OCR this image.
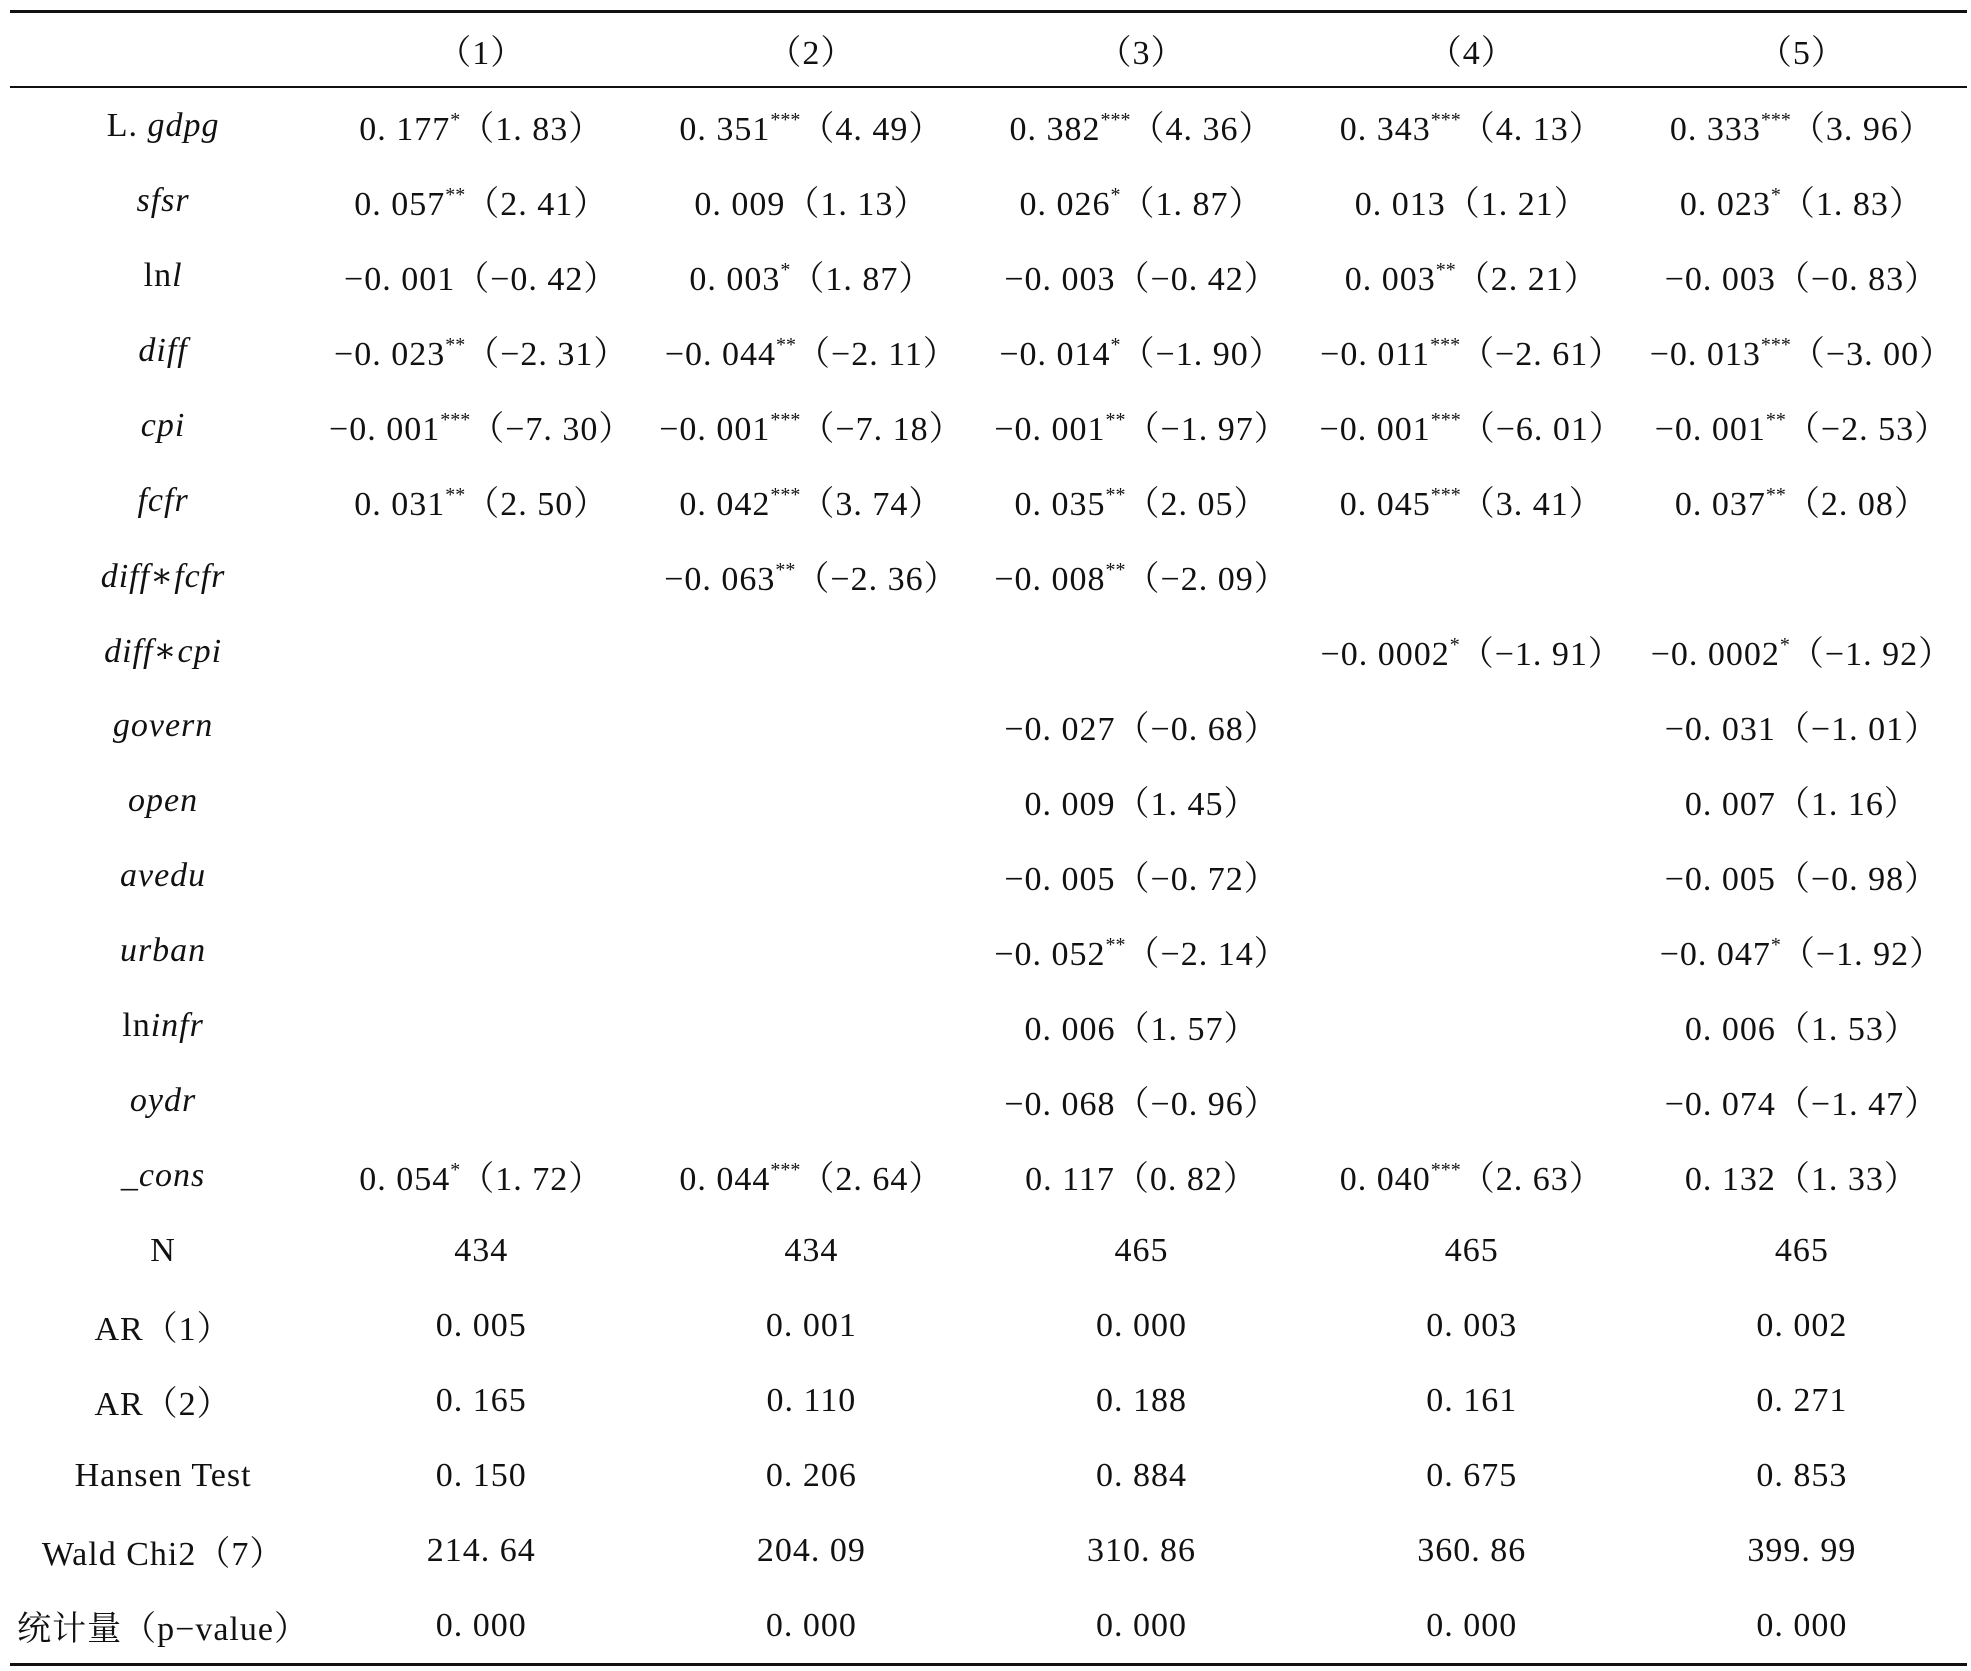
	（1）	（2）	（3）	（4）	（5）
L. gdpg	0. 177*（1. 83）	0. 351***（4. 49）	0. 382***（4. 36）	0. 343***（4. 13）	0. 333***（3. 96）
sfsr	0. 057**（2. 41）	0. 009（1. 13）	0. 026*（1. 87）	0. 013（1. 21）	0. 023*（1. 83）
lnl	−0. 001（−0. 42）	0. 003*（1. 87）	−0. 003（−0. 42）	0. 003**（2. 21）	−0. 003（−0. 83）
diff	−0. 023**（−2. 31）	−0. 044**（−2. 11）	−0. 014*（−1. 90）	−0. 011***（−2. 61）	−0. 013***（−3. 00）
cpi	−0. 001***（−7. 30）	−0. 001***（−7. 18）	−0. 001**（−1. 97）	−0. 001***（−6. 01）	−0. 001**（−2. 53）
fcfr	0. 031**（2. 50）	0. 042***（3. 74）	0. 035**（2. 05）	0. 045***（3. 41）	0. 037**（2. 08）
diff∗fcfr		−0. 063**（−2. 36）	−0. 008**（−2. 09）		
diff∗cpi				−0. 0002*（−1. 91）	−0. 0002*（−1. 92）
govern			−0. 027（−0. 68）		−0. 031（−1. 01）
open			0. 009（1. 45）		0. 007（1. 16）
avedu			−0. 005（−0. 72）		−0. 005（−0. 98）
urban			−0. 052**（−2. 14）		−0. 047*（−1. 92）
lninfr			0. 006（1. 57）		0. 006（1. 53）
oydr			−0. 068（−0. 96）		−0. 074（−1. 47）
_cons	0. 054*（1. 72）	0. 044***（2. 64）	0. 117（0. 82）	0. 040***（2. 63）	0. 132（1. 33）
N	434	434	465	465	465
AR（1）	0. 005	0. 001	0. 000	0. 003	0. 002
AR（2）	0. 165	0. 110	0. 188	0. 161	0. 271
Hansen Test	0. 150	0. 206	0. 884	0. 675	0. 853
Wald Chi2（7）	214. 64	204. 09	310. 86	360. 86	399. 99
统计量（p−value）	0. 000	0. 000	0. 000	0. 000	0. 000
